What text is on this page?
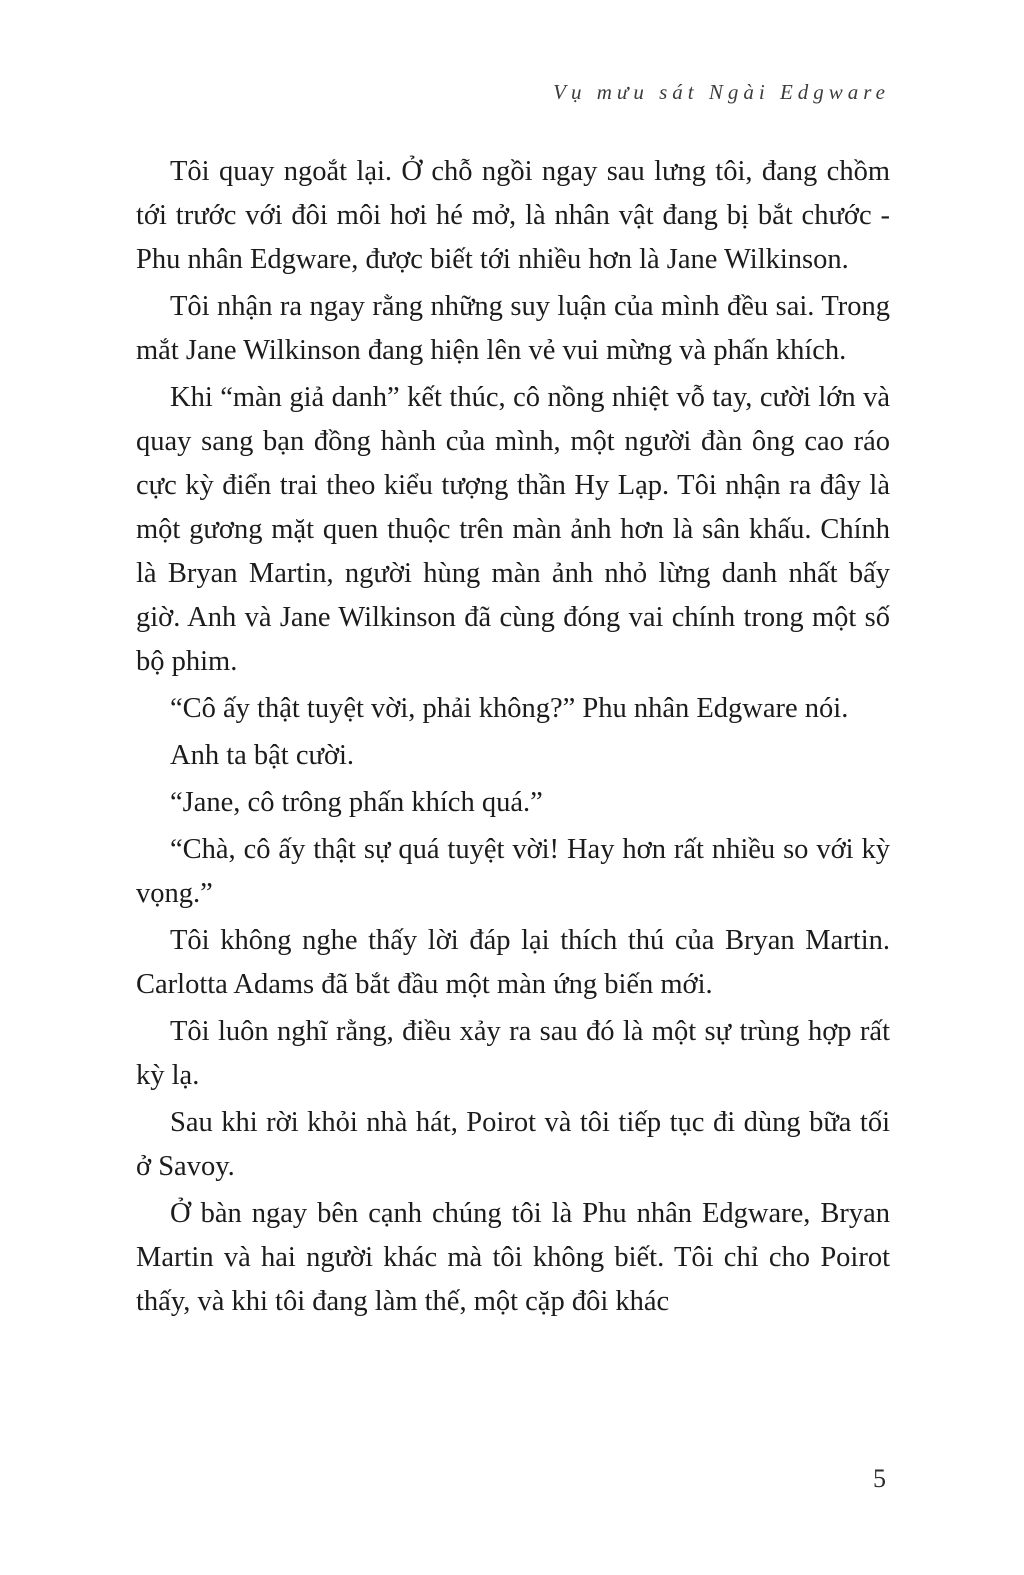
Vụ mưu sát Ngài Edgware

Tôi quay ngoắt lại. Ở chỗ ngồi ngay sau lưng tôi, đang chồm tới trước với đôi môi hơi hé mở, là nhân vật đang bị bắt chước - Phu nhân Edgware, được biết tới nhiều hơn là Jane Wilkinson.

Tôi nhận ra ngay rằng những suy luận của mình đều sai. Trong mắt Jane Wilkinson đang hiện lên vẻ vui mừng và phấn khích.

Khi “màn giả danh” kết thúc, cô nồng nhiệt vỗ tay, cười lớn và quay sang bạn đồng hành của mình, một người đàn ông cao ráo cực kỳ điển trai theo kiểu tượng thần Hy Lạp. Tôi nhận ra đây là một gương mặt quen thuộc trên màn ảnh hơn là sân khấu. Chính là Bryan Martin, người hùng màn ảnh nhỏ lừng danh nhất bấy giờ. Anh và Jane Wilkinson đã cùng đóng vai chính trong một số bộ phim.

“Cô ấy thật tuyệt vời, phải không?” Phu nhân Edgware nói.

Anh ta bật cười.

“Jane, cô trông phấn khích quá.”

“Chà, cô ấy thật sự quá tuyệt vời! Hay hơn rất nhiều so với kỳ vọng.”

Tôi không nghe thấy lời đáp lại thích thú của Bryan Martin. Carlotta Adams đã bắt đầu một màn ứng biến mới.

Tôi luôn nghĩ rằng, điều xảy ra sau đó là một sự trùng hợp rất kỳ lạ.

Sau khi rời khỏi nhà hát, Poirot và tôi tiếp tục đi dùng bữa tối ở Savoy.

Ở bàn ngay bên cạnh chúng tôi là Phu nhân Edgware, Bryan Martin và hai người khác mà tôi không biết. Tôi chỉ cho Poirot thấy, và khi tôi đang làm thế, một cặp đôi khác

5
